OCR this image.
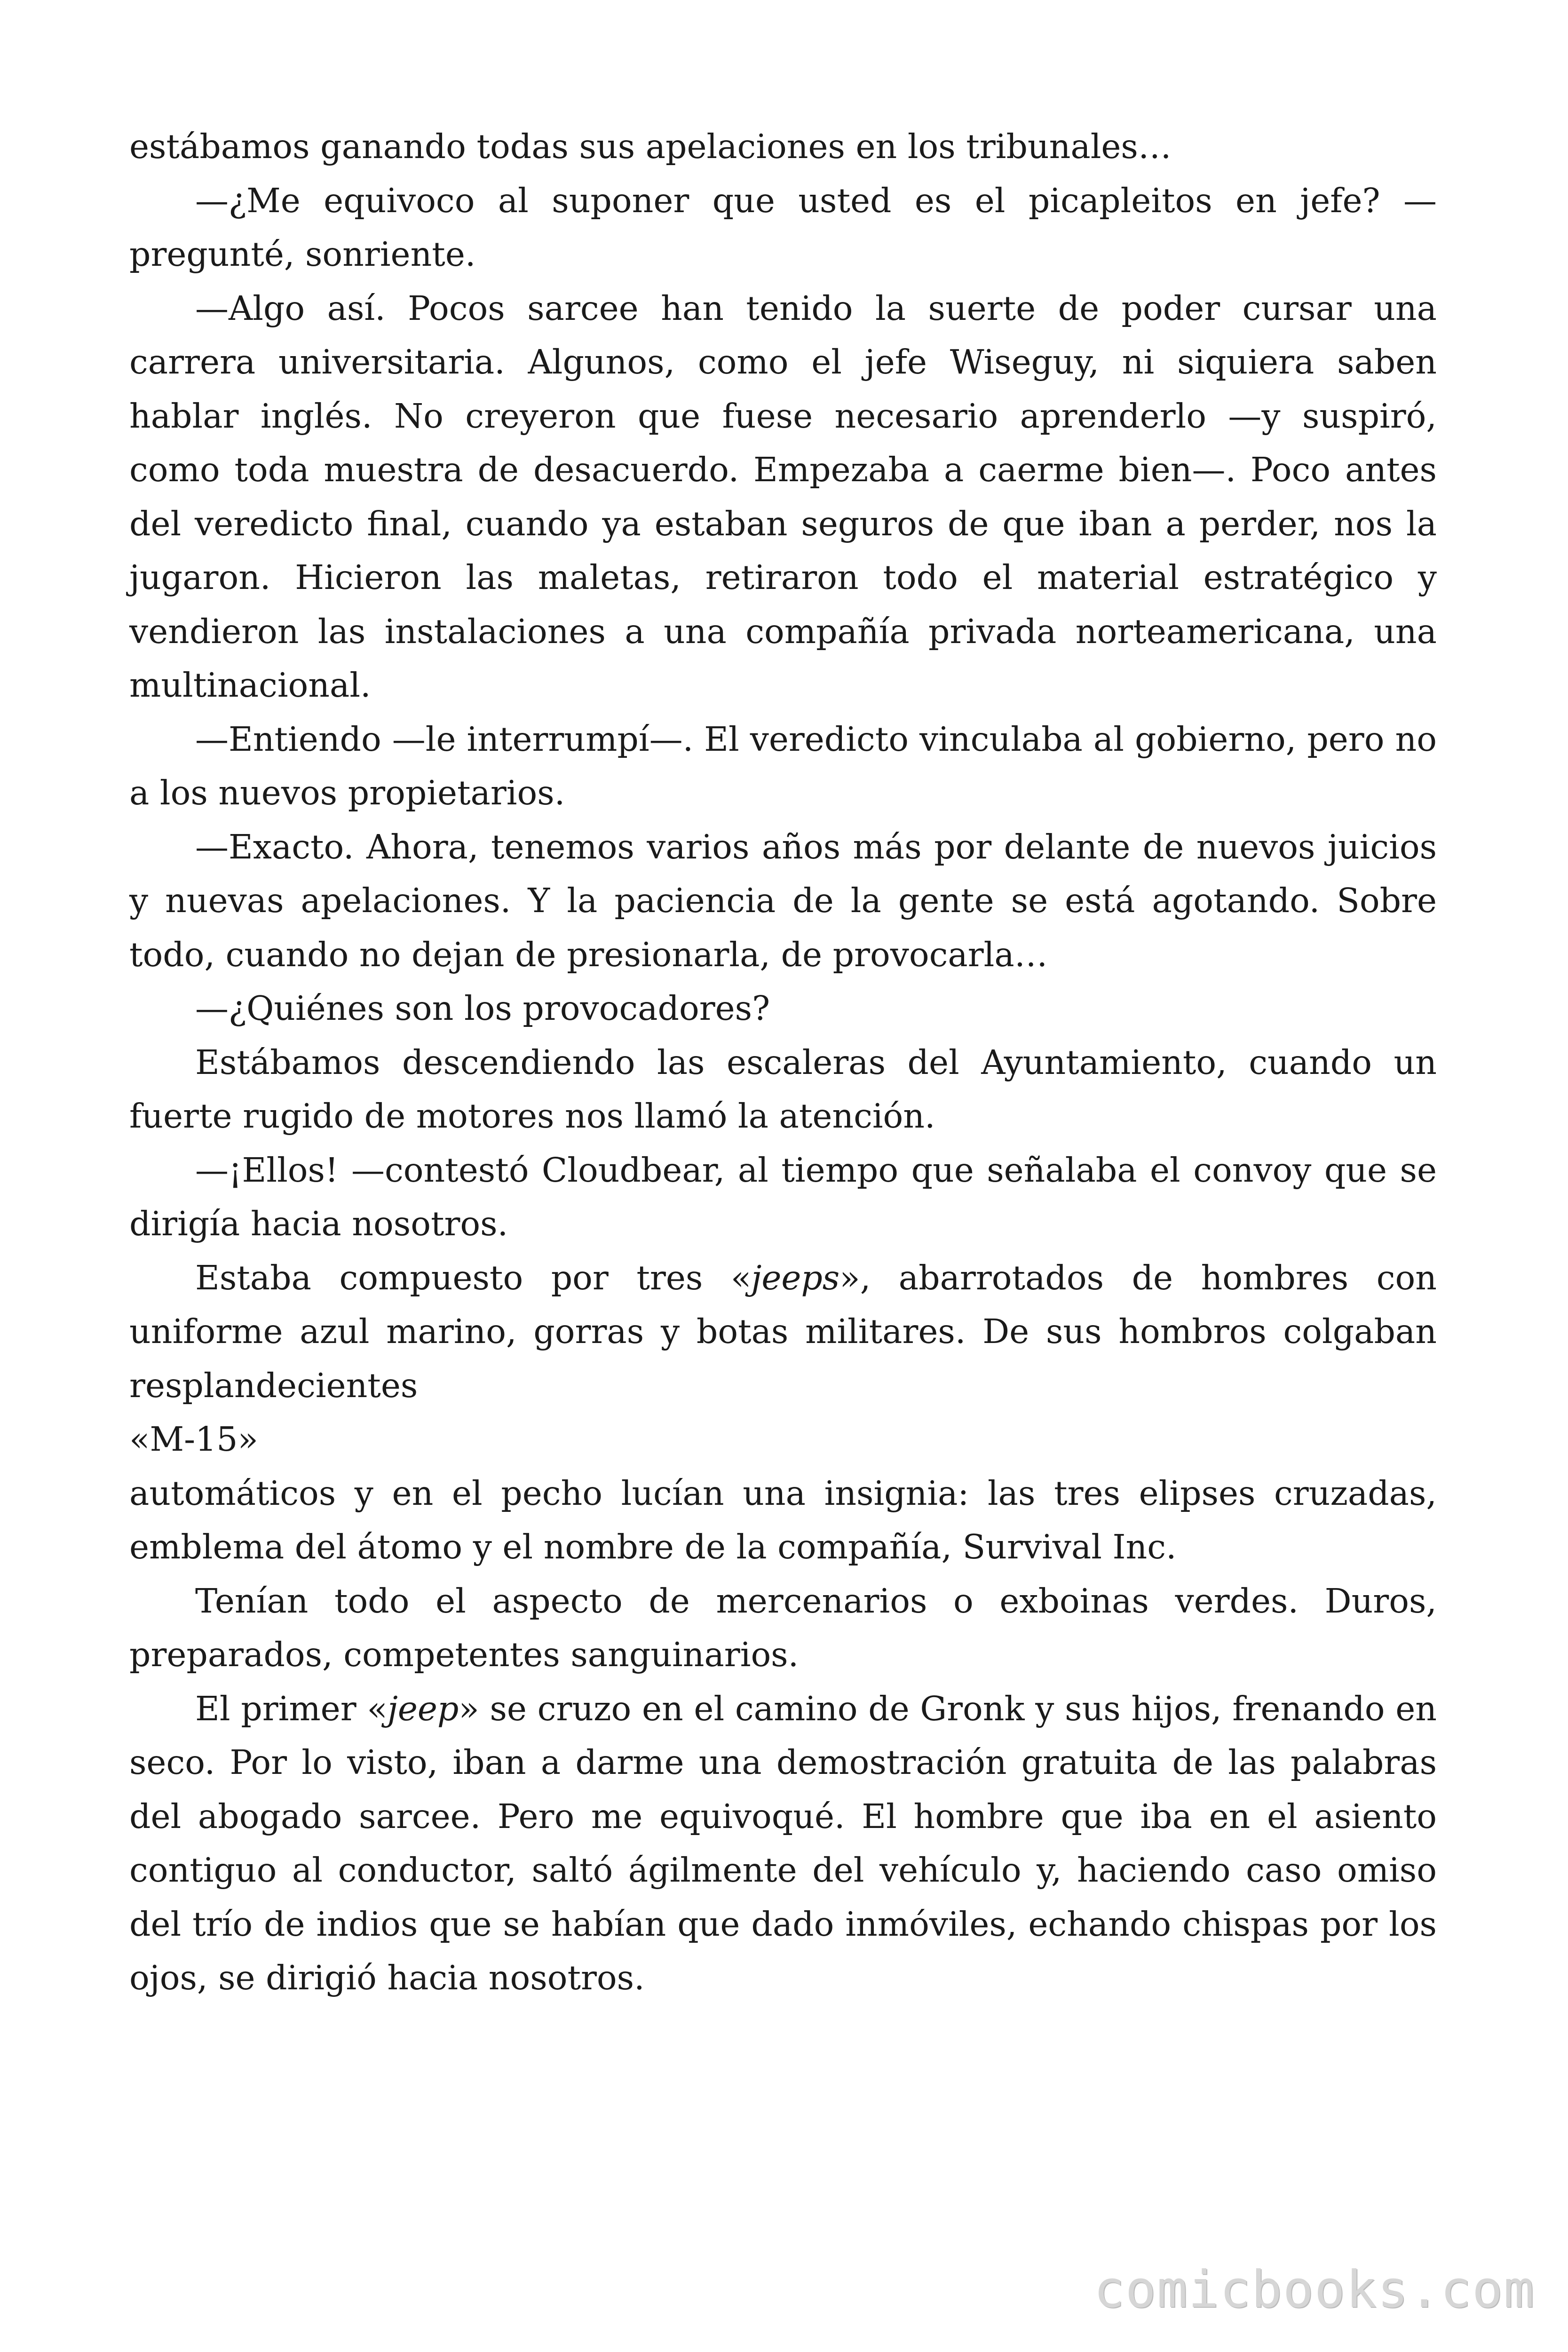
estábamos ganando todas sus apelaciones en los tribunales…

—¿Me equivoco al suponer que usted es el picapleitos en jefe? —pregunté, sonriente.

—Algo así. Pocos sarcee han tenido la suerte de poder cursar una carrera universitaria. Algunos, como el jefe Wiseguy, ni siquiera saben hablar inglés. No creyeron que fuese necesario aprenderlo —y suspiró, como toda muestra de desacuerdo. Empezaba a caerme bien—. Poco antes del veredicto final, cuando ya estaban seguros de que iban a perder, nos la jugaron. Hicieron las maletas, retiraron todo el material estratégico y vendieron las instalaciones a una compañía privada norteamericana, una multinacional.

—Entiendo —le interrumpí—. El veredicto vinculaba al gobierno, pero no a los nuevos propietarios.

—Exacto. Ahora, tenemos varios años más por delante de nuevos juicios y nuevas apelaciones. Y la paciencia de la gente se está agotando. Sobre todo, cuando no dejan de presionarla, de provocarla…

—¿Quiénes son los provocadores?

Estábamos descendiendo las escaleras del Ayuntamiento, cuando un fuerte rugido de motores nos llamó la atención.

—¡Ellos! —contestó Cloudbear, al tiempo que señalaba el convoy que se dirigía hacia nosotros.

Estaba compuesto por tres «jeeps», abarrotados de hombres con uniforme azul marino, gorras y botas militares. De sus hombros colgaban resplandecientes

«M-15»

automáticos y en el pecho lucían una insignia: las tres elipses cruzadas, emblema del átomo y el nombre de la compañía, Survival Inc.

Tenían todo el aspecto de mercenarios o exboinas verdes. Duros, preparados, competentes sanguinarios.

El primer «jeep» se cruzo en el camino de Gronk y sus hijos, frenando en seco. Por lo visto, iban a darme una demostración gratuita de las palabras del abogado sarcee. Pero me equivoqué. El hombre que iba en el asiento contiguo al conductor, saltó ágilmente del vehículo y, haciendo caso omiso del trío de indios que se habían que dado inmóviles, echando chispas por los ojos, se dirigió hacia nosotros.

comicbooks.com
